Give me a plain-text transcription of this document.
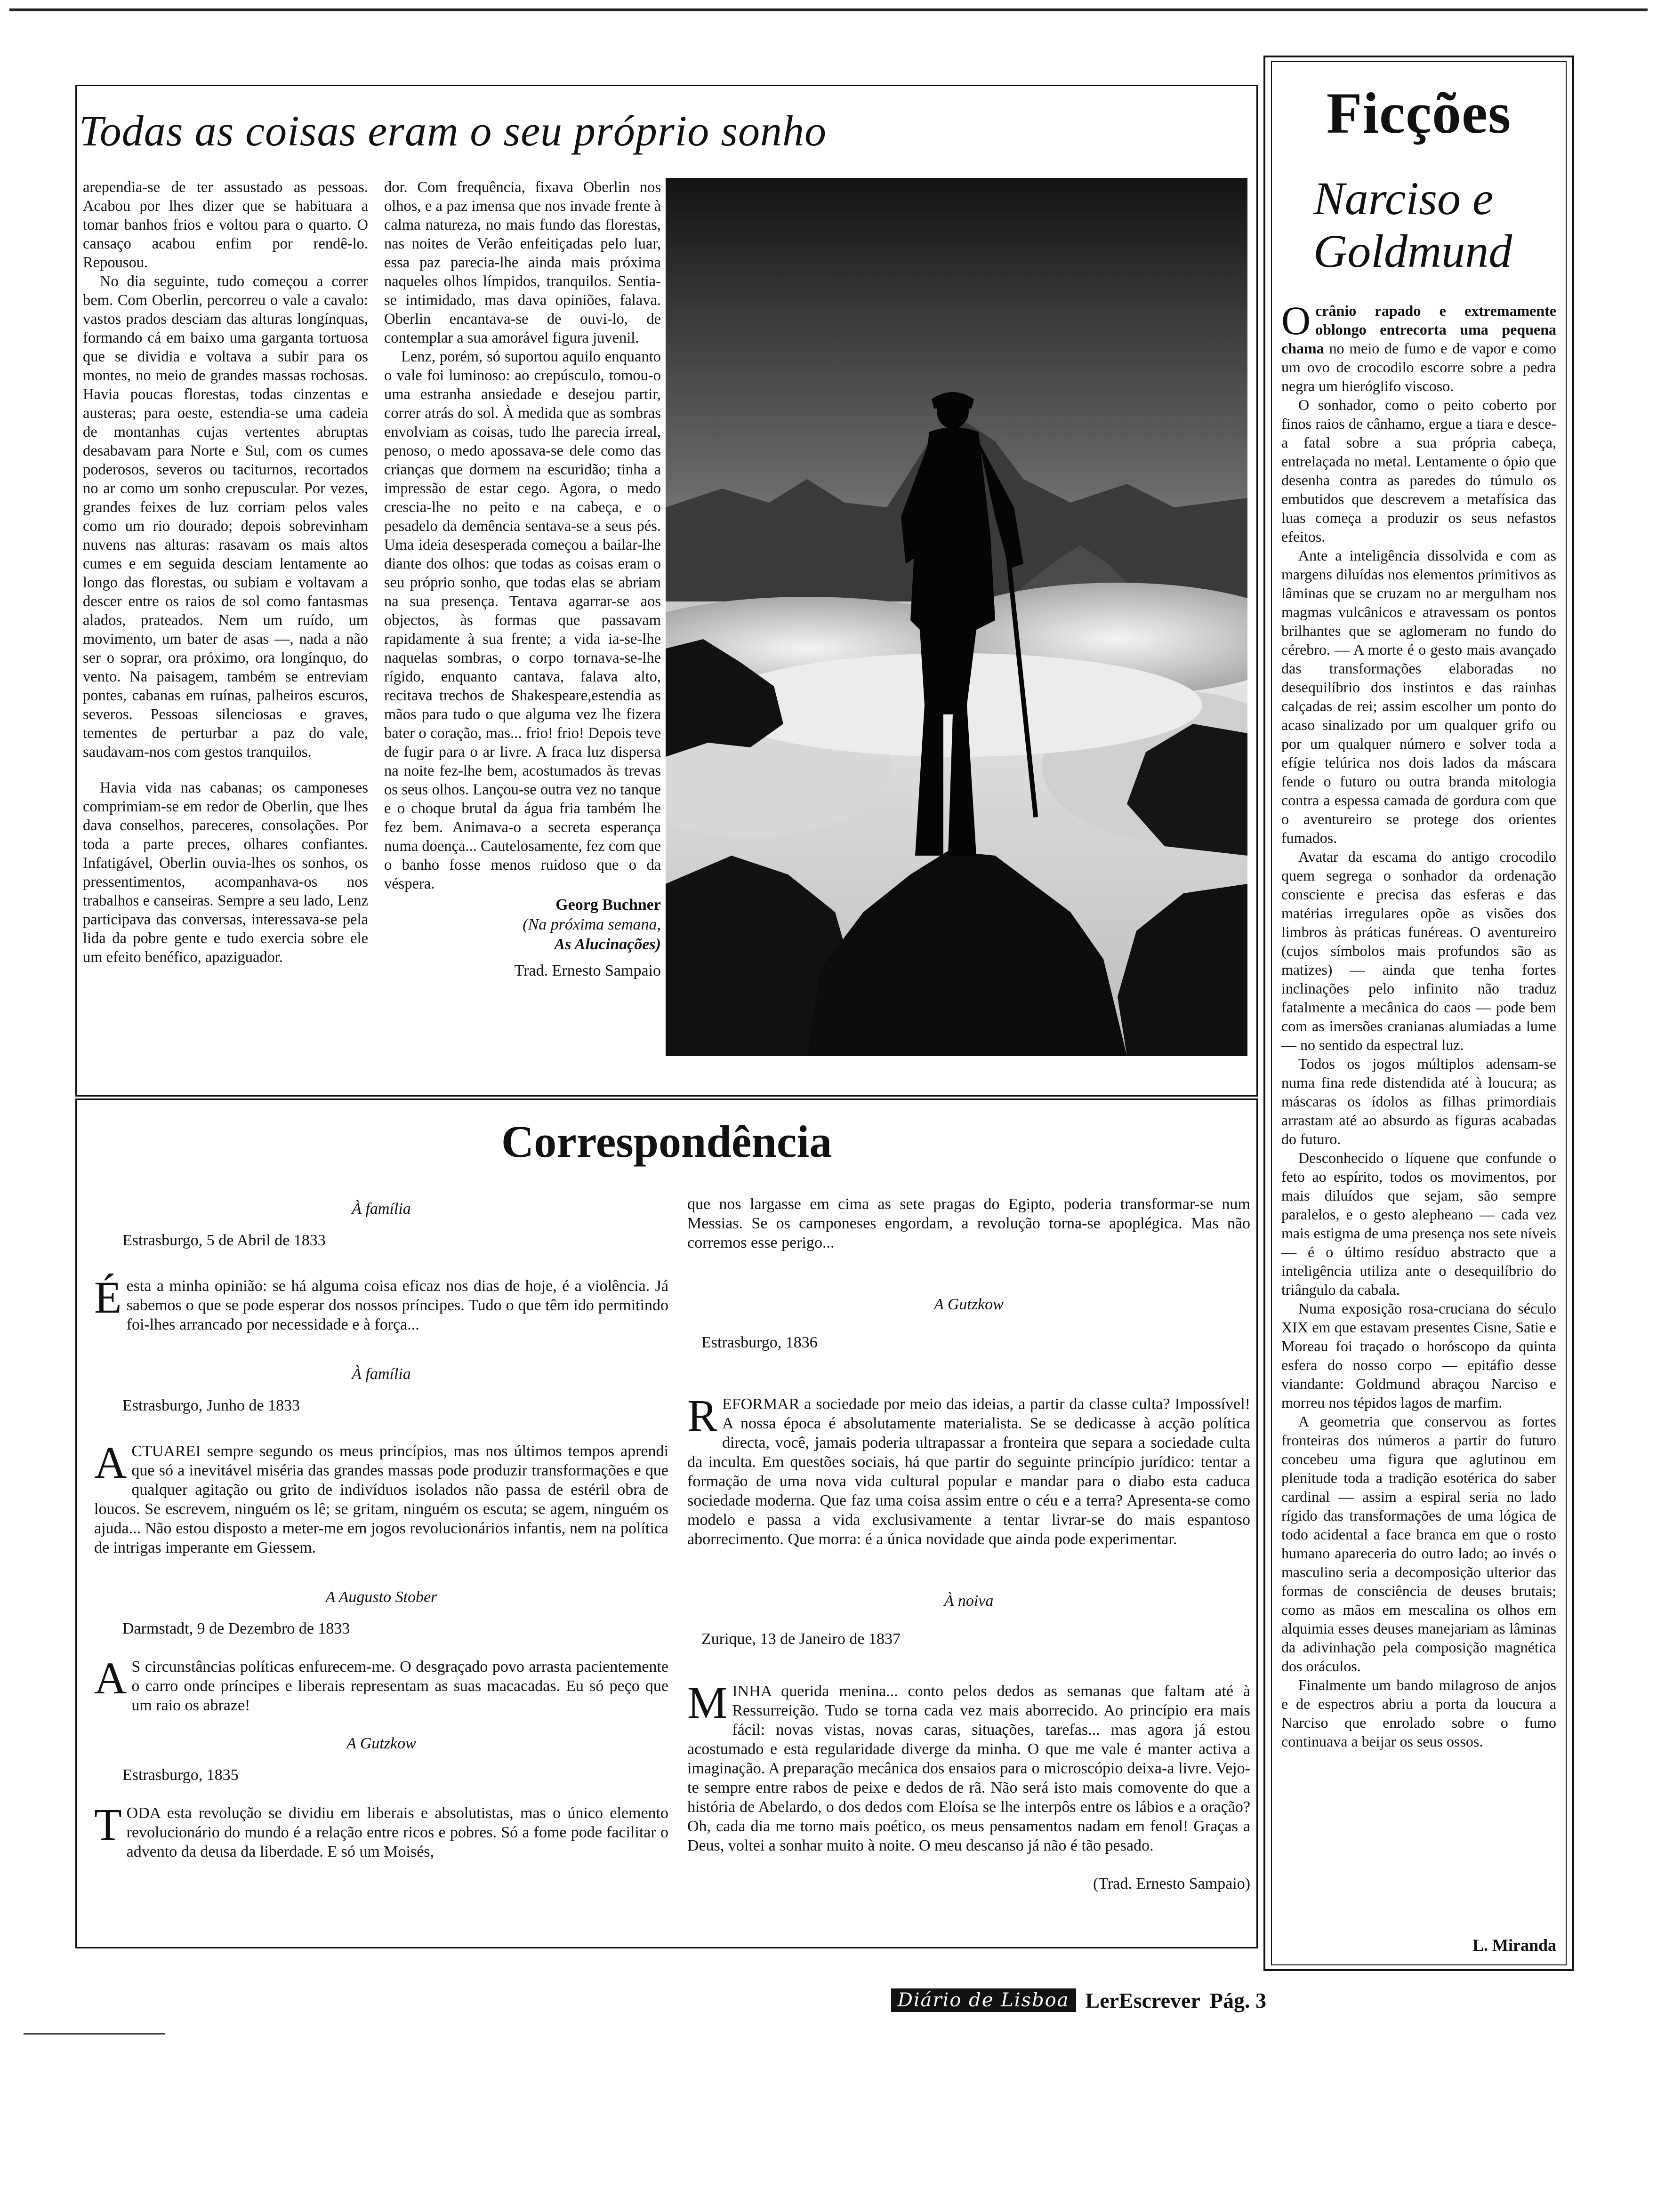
Todas as coisas eram o seu próprio sonho

arependia-se de ter assustado as pessoas. Acabou por lhes dizer que se habituara a tomar banhos frios e voltou para o quarto. O cansaço acabou enfim por rendê-lo. Repousou.

No dia seguinte, tudo começou a correr bem. Com Oberlin, percorreu o vale a cavalo: vastos prados desciam das alturas longínquas, formando cá em baixo uma garganta tortuosa que se dividia e voltava a subir para os montes, no meio de grandes massas rochosas. Havia poucas florestas, todas cinzentas e austeras; para oeste, estendia-se uma cadeia de montanhas cujas vertentes abruptas desabavam para Norte e Sul, com os cumes poderosos, severos ou taciturnos, recortados no ar como um sonho crepuscular. Por vezes, grandes feixes de luz corriam pelos vales como um rio dourado; depois sobrevinham nuvens nas alturas: rasavam os mais altos cumes e em seguida desciam lentamente ao longo das florestas, ou subiam e voltavam a descer entre os raios de sol como fantasmas alados, prateados. Nem um ruído, um movimento, um bater de asas —, nada a não ser o soprar, ora próximo, ora longínquo, do vento. Na paisagem, também se entreviam pontes, cabanas em ruínas, palheiros escuros, severos. Pessoas silenciosas e graves, tementes de perturbar a paz do vale, saudavam-nos com gestos tranquilos.

Havia vida nas cabanas; os camponeses comprimiam-se em redor de Oberlin, que lhes dava conselhos, pareceres, consolações. Por toda a parte preces, olhares confiantes. Infatigável, Oberlin ouvia-lhes os sonhos, os pressentimentos, acompanhava-os nos trabalhos e canseiras. Sempre a seu lado, Lenz participava das conversas, interessava-se pela lida da pobre gente e tudo exercia sobre ele um efeito benéfico, apaziguador.

dor. Com frequência, fixava Oberlin nos olhos, e a paz imensa que nos invade frente à calma natureza, no mais fundo das florestas, nas noites de Verão enfeitiçadas pelo luar, essa paz parecia-lhe ainda mais próxima naqueles olhos límpidos, tranquilos. Sentia-se intimidado, mas dava opiniões, falava. Oberlin encantava-se de ouvi-lo, de contemplar a sua amorável figura juvenil.

Lenz, porém, só suportou aquilo enquanto o vale foi luminoso: ao crepúsculo, tomou-o uma estranha ansiedade e desejou partir, correr atrás do sol. À medida que as sombras envolviam as coisas, tudo lhe parecia irreal, penoso, o medo apossava-se dele como das crianças que dormem na escuridão; tinha a impressão de estar cego. Agora, o medo crescia-lhe no peito e na cabeça, e o pesadelo da demência sentava-se a seus pés. Uma ideia desesperada começou a bailar-lhe diante dos olhos: que todas as coisas eram o seu próprio sonho, que todas elas se abriam na sua presença. Tentava agarrar-se aos objectos, às formas que passavam rapidamente à sua frente; a vida ia-se-lhe naquelas sombras, o corpo tornava-se-lhe rígido, enquanto cantava, falava alto, recitava trechos de Shakespeare,estendia as mãos para tudo o que alguma vez lhe fizera bater o coração, mas... frio! frio! Depois teve de fugir para o ar livre. A fraca luz dispersa na noite fez-lhe bem, acostumados às trevas os seus olhos. Lançou-se outra vez no tanque e o choque brutal da água fria também lhe fez bem. Animava-o a secreta esperança numa doença... Cautelosamente, fez com que o banho fosse menos ruidoso que o da véspera.

Georg Buchner
(Na próxima semana,
As Alucinações)
Trad. Ernesto Sampaio
Correspondência
À família
Estrasburgo, 5 de Abril de 1833
É esta a minha opinião: se há alguma coisa eficaz nos dias de hoje, é a violência. Já sabemos o que se pode esperar dos nossos príncipes. Tudo o que têm ido permitindo foi-lhes arrancado por necessidade e à força...
À família
Estrasburgo, Junho de 1833
A CTUAREI sempre segundo os meus princípios, mas nos últimos tempos aprendi que só a inevitável miséria das grandes massas pode produzir transformações e que qualquer agitação ou grito de indivíduos isolados não passa de estéril obra de loucos. Se escrevem, ninguém os lê; se gritam, ninguém os escuta; se agem, ninguém os ajuda... Não estou disposto a meter-me em jogos revolucionários infantis, nem na política de intrigas imperante em Giessem.
A Augusto Stober
Darmstadt, 9 de Dezembro de 1833
A S circunstâncias políticas enfurecem-me. O desgraçado povo arrasta pacientemente o carro onde príncipes e liberais representam as suas macacadas. Eu só peço que um raio os abraze!
A Gutzkow
Estrasburgo, 1835
T ODA esta revolução se dividiu em liberais e absolutistas, mas o único elemento revolucionário do mundo é a relação entre ricos e pobres. Só a fome pode facilitar o advento da deusa da liberdade. E só um Moisés,
que nos largasse em cima as sete pragas do Egipto, poderia transformar-se num Messias. Se os camponeses engordam, a revolução torna-se apoplégica. Mas não corremos esse perigo...
A Gutzkow
Estrasburgo, 1836
R EFORMAR a sociedade por meio das ideias, a partir da classe culta? Impossível! A nossa época é absolutamente materialista. Se se dedicasse à acção política directa, você, jamais poderia ultrapassar a fronteira que separa a sociedade culta da inculta. Em questões sociais, há que partir do seguinte princípio jurídico: tentar a formação de uma nova vida cultural popular e mandar para o diabo esta caduca sociedade moderna. Que faz uma coisa assim entre o céu e a terra? Apresenta-se como modelo e passa a vida exclusivamente a tentar livrar-se do mais espantoso aborrecimento. Que morra: é a única novidade que ainda pode experimentar.
À noiva
Zurique, 13 de Janeiro de 1837
M INHA querida menina... conto pelos dedos as semanas que faltam até à Ressurreição. Tudo se torna cada vez mais aborrecido. Ao princípio era mais fácil: novas vistas, novas caras, situações, tarefas... mas agora já estou acostumado e esta regularidade diverge da minha. O que me vale é manter activa a imaginação. A preparação mecânica dos ensaios para o microscópio deixa-a livre. Vejo-te sempre entre rabos de peixe e dedos de rã. Não será isto mais comovente do que a história de Abelardo, o dos dedos com Eloísa se lhe interpôs entre os lábios e a oração? Oh, cada dia me torno mais poético, os meus pensamentos nadam em fenol! Graças a Deus, voltei a sonhar muito à noite. O meu descanso já não é tão pesado.
(Trad. Ernesto Sampaio)
Ficções
Narciso e
Goldmund

O crânio rapado e extremamente oblongo entrecorta uma pequena chama no meio de fumo e de vapor e como um ovo de crocodilo escorre sobre a pedra negra um hieróglifo viscoso.

O sonhador, como o peito coberto por finos raios de cânhamo, ergue a tiara e desce-a fatal sobre a sua própria cabeça, entrelaçada no metal. Lentamente o ópio que desenha contra as paredes do túmulo os embutidos que descrevem a metafísica das luas começa a produzir os seus nefastos efeitos.

Ante a inteligência dissolvida e com as margens diluídas nos elementos primitivos as lâminas que se cruzam no ar mergulham nos magmas vulcânicos e atravessam os pontos brilhantes que se aglomeram no fundo do cérebro. — A morte é o gesto mais avançado das transformações elaboradas no desequilíbrio dos instintos e das rainhas calçadas de rei; assim escolher um ponto do acaso sinalizado por um qualquer grifo ou por um qualquer número e solver toda a efígie telúrica nos dois lados da máscara fende o futuro ou outra branda mitologia contra a espessa camada de gordura com que o aventureiro se protege dos orientes fumados.

Avatar da escama do antigo crocodilo quem segrega o sonhador da ordenação consciente e precisa das esferas e das matérias irregulares opõe as visões dos limbros às práticas funéreas. O aventureiro (cujos símbolos mais profundos são as matizes) — ainda que tenha fortes inclinações pelo infinito não traduz fatalmente a mecânica do caos — pode bem com as imersões cranianas alumiadas a lume — no sentido da espectral luz.

Todos os jogos múltiplos adensam-se numa fina rede distendida até à loucura; as máscaras os ídolos as filhas primordiais arrastam até ao absurdo as figuras acabadas do futuro.

Desconhecido o líquene que confunde o feto ao espírito, todos os movimentos, por mais diluídos que sejam, são sempre paralelos, e o gesto alepheano — cada vez mais estigma de uma presença nos sete níveis — é o último resíduo abstracto que a inteligência utiliza ante o desequilíbrio do triângulo da cabala.

Numa exposição rosa-cruciana do século XIX em que estavam presentes Cisne, Satie e Moreau foi traçado o horóscopo da quinta esfera do nosso corpo — epitáfio desse viandante: Goldmund abraçou Narciso e morreu nos tépidos lagos de marfim.

A geometria que conservou as fortes fronteiras dos números a partir do futuro concebeu uma figura que aglutinou em plenitude toda a tradição esotérica do saber cardinal — assim a espiral seria no lado rígido das transformações de uma lógica de todo acidental a face branca em que o rosto humano apareceria do outro lado; ao invés o masculino seria a decomposição ulterior das formas de consciência de deuses brutais; como as mãos em mescalina os olhos em alquimia esses deuses manejariam as lâminas da adivinhação pela composição magnética dos oráculos.

Finalmente um bando milagroso de anjos e de espectros abriu a porta da loucura a Narciso que enrolado sobre o fumo continuava a beijar os seus ossos.

L. Miranda
Diário de Lisboa LerEscrever Pág. 3
